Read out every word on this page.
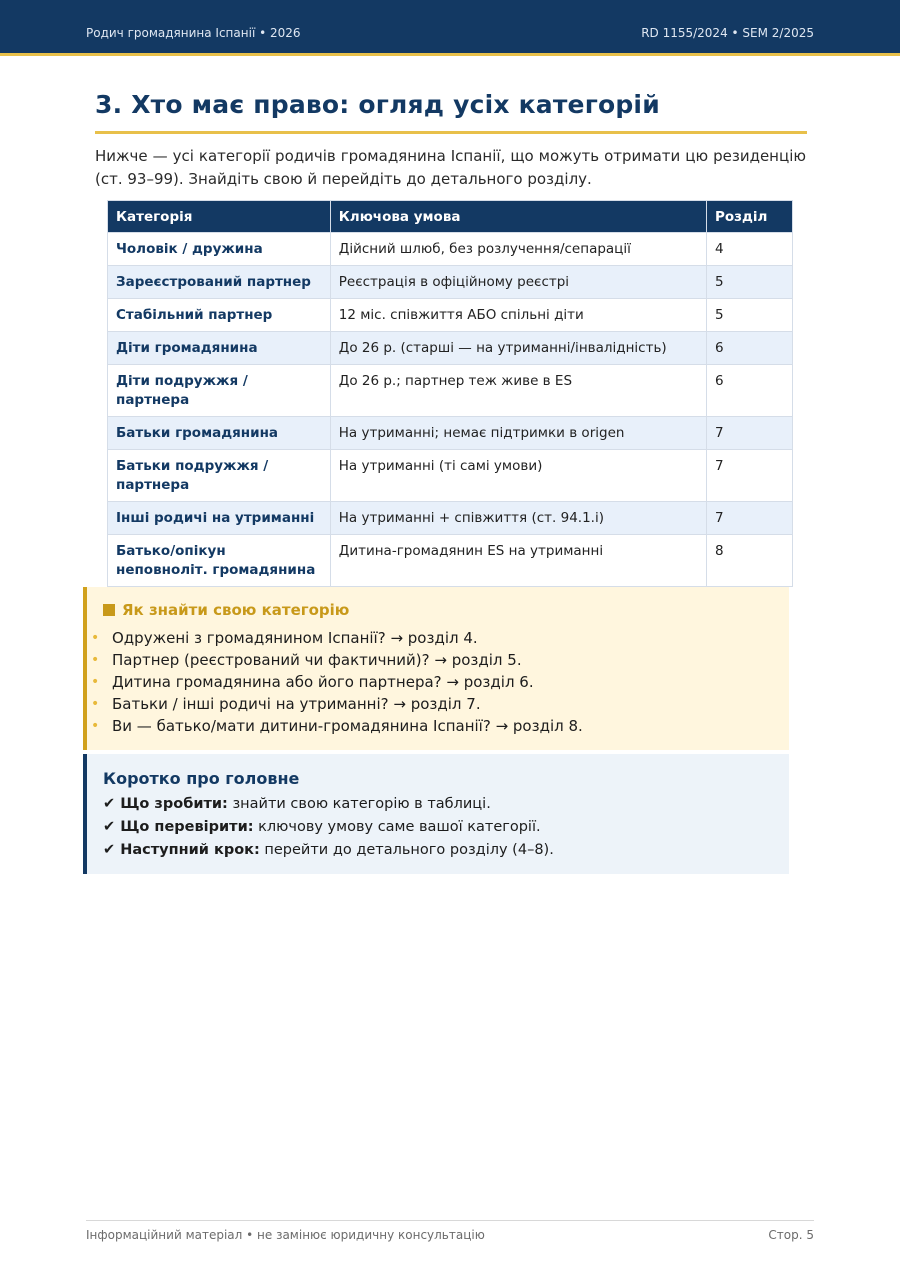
Родич громадянина Іспанії • 2026	RD 1155/2024 • SEM 2/2025
3. Хто має право: огляд усіх категорій

Нижче — усі категорії родичів громадянина Іспанії, що можуть отримати цю резиденцію (ст. 93–99). Знайдіть свою й перейдіть до детального розділу.

Категорія	Ключова умова	Розділ
Чоловік / дружина	Дійсний шлюб, без розлучення/сепарації	4
Зареєстрований партнер	Реєстрація в офіційному реєстрі	5
Стабільний партнер	12 міс. співжиття АБО спільні діти	5
Діти громадянина	До 26 р. (старші — на утриманні/інвалідність)	6
Діти подружжя / партнера	До 26 р.; партнер теж живе в ES	6
Батьки громадянина	На утриманні; немає підтримки в origen	7
Батьки подружжя / партнера	На утриманні (ті самі умови)	7
Інші родичі на утриманні	На утриманні + співжиття (ст. 94.1.i)	7
Батько/опікун неповноліт. громадянина	Дитина-громадянин ES на утриманні	8
Як знайти свою категорію
• Одружені з громадянином Іспанії? → розділ 4.
• Партнер (реєстрований чи фактичний)? → розділ 5.
• Дитина громадянина або його партнера? → розділ 6.
• Батьки / інші родичі на утриманні? → розділ 7.
• Ви — батько/мати дитини-громадянина Іспанії? → розділ 8.
Коротко про головне
✔ Що зробити: знайти свою категорію в таблиці.
✔ Що перевірити: ключову умову саме вашої категорії.
✔ Наступний крок: перейти до детального розділу (4–8).
Інформаційний матеріал • не замінює юридичну консультацію	Стор. 5
